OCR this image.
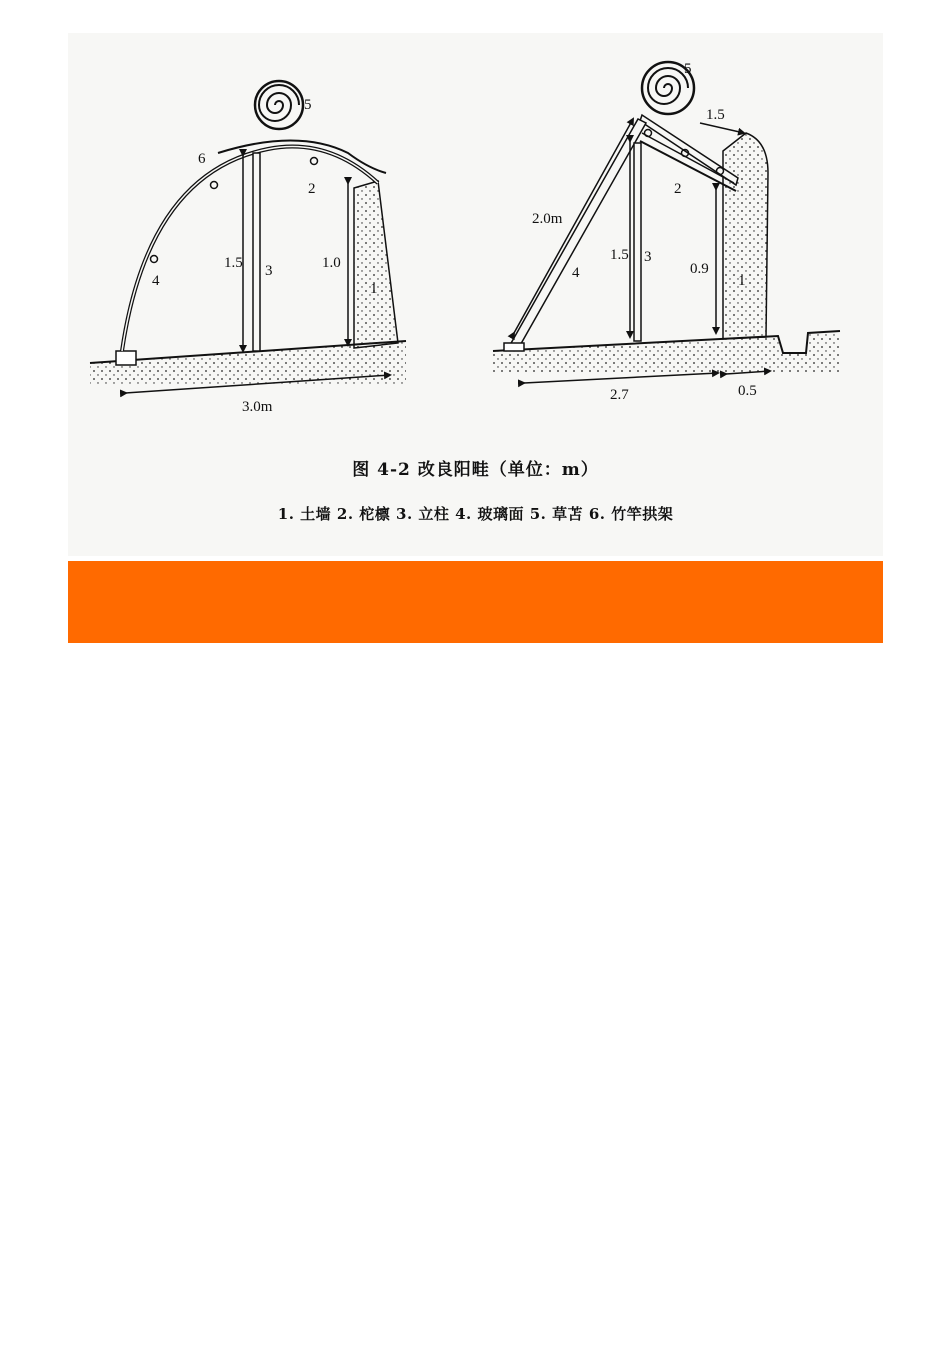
5
6
2
4
1.5 3	1.0
1
3.0m
5
1.5
2
2.0m
4
1.5 3
0.9
1
2.7	0.5
图 4-2 改良阳畦（单位：m）
1. 土墙 2. 柁檩 3. 立柱 4. 玻璃面 5. 草苫 6. 竹竿拱架
